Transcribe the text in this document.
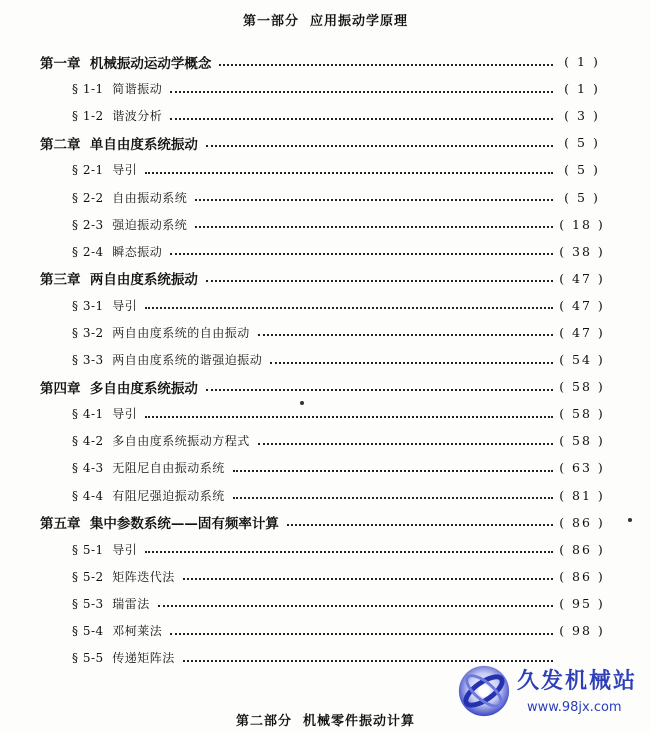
第一部分  应用振动学原理
第一章  机械振动运动学概念	( 1 )
§ 1-1  简谐振动	( 1 )
§ 1-2  谐波分析	( 3 )
第二章  单自由度系统振动	( 5 )
§ 2-1  导引	( 5 )
§ 2-2  自由振动系统	( 5 )
§ 2-3  强迫振动系统	( 18 )
§ 2-4  瞬态振动	( 38 )
第三章  两自由度系统振动	( 47 )
§ 3-1  导引	( 47 )
§ 3-2  两自由度系统的自由振动	( 47 )
§ 3-3  两自由度系统的谐强迫振动	( 54 )
第四章  多自由度系统振动	( 58 )
§ 4-1  导引	( 58 )
§ 4-2  多自由度系统振动方程式	( 58 )
§ 4-3  无阻尼自由振动系统	( 63 )
§ 4-4  有阻尼强迫振动系统	( 81 )
第五章  集中参数系统——固有频率计算	( 86 )
§ 5-1  导引	( 86 )
§ 5-2  矩阵迭代法	( 86 )
§ 5-3  瑞雷法	( 95 )
§ 5-4  邓柯莱法	( 98 )
§ 5-5  传递矩阵法
第二部分  机械零件振动计算
久发机械站
www.98jx.com
